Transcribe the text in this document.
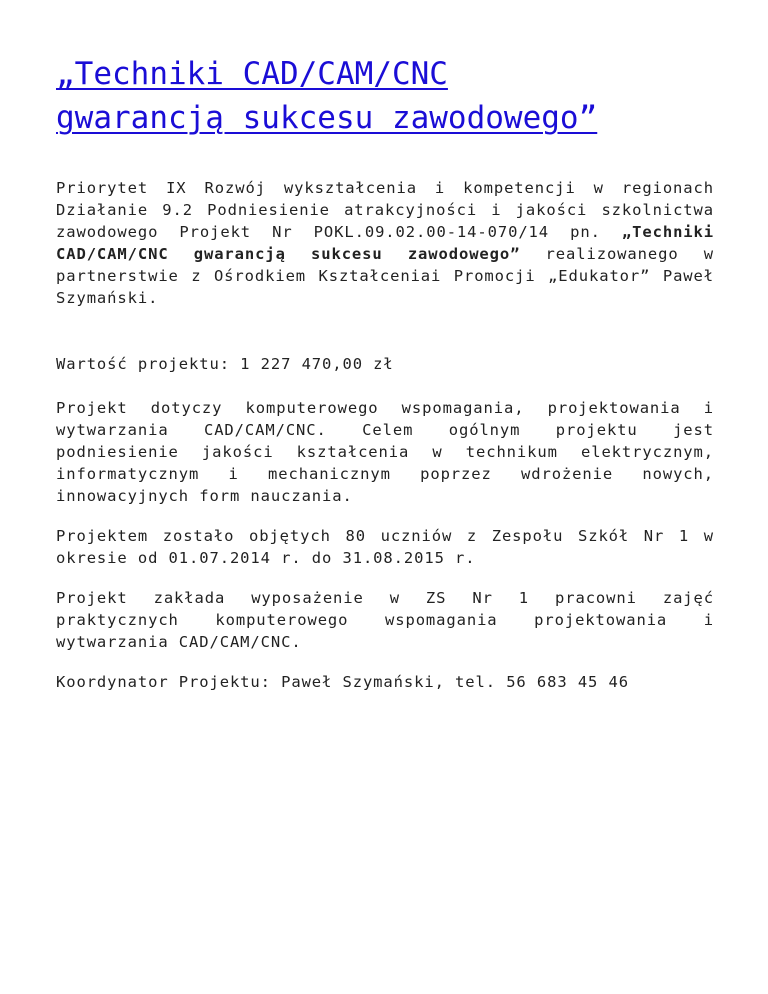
„Techniki CAD/CAM/CNC
gwarancją sukcesu zawodowego”

Priorytet IX Rozwój wykształcenia i kompetencji w regionach Działanie 9.2 Podniesienie atrakcyjności i jakości szkolnictwa zawodowego Projekt Nr POKL.09.02.00-14-070/14 pn. „Techniki CAD/CAM/CNC gwarancją sukcesu zawodowego” realizowanego w partnerstwie z Ośrodkiem Kształceniai Promocji „Edukator” Paweł Szymański.

Wartość projektu: 1 227 470,00 zł

Projekt dotyczy komputerowego wspomagania, projektowania i wytwarzania CAD/CAM/CNC. Celem ogólnym projektu jest podniesienie jakości kształcenia w technikum elektrycznym, informatycznym i mechanicznym poprzez wdrożenie nowych, innowacyjnych form nauczania.

Projektem zostało objętych 80 uczniów z Zespołu Szkół Nr 1 w okresie od 01.07.2014 r. do 31.08.2015 r.

Projekt zakłada wyposażenie w ZS Nr 1 pracowni zajęć praktycznych komputerowego wspomagania projektowania i wytwarzania CAD/CAM/CNC.

Koordynator Projektu: Paweł Szymański, tel. 56 683 45 46
